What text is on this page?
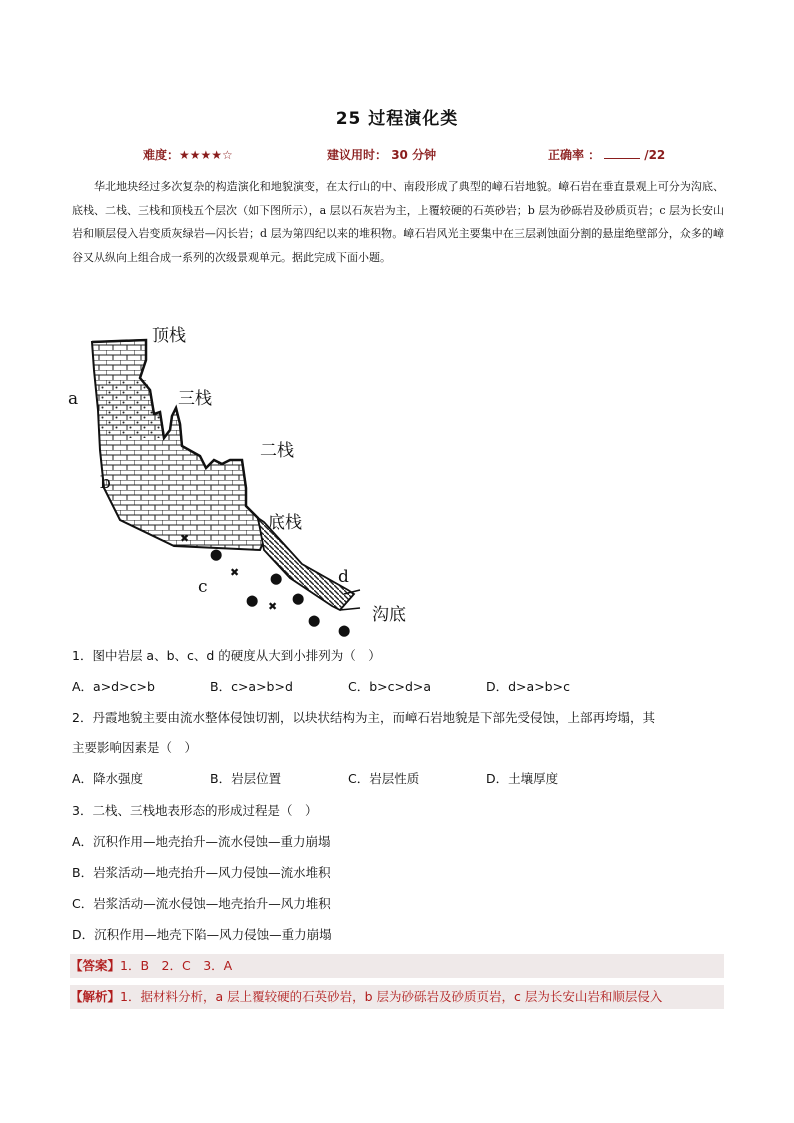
25 过程演化类
难度：★★★★☆	建议用时： 30 分钟	正确率 ：	/22
华北地块经过多次复杂的构造演化和地貌演变，在太行山的中、南段形成了典型的嶂石岩地貌。嶂石岩在垂直景观上可分为沟底、底栈、二栈、三栈和顶栈五个层次（如下图所示），a 层以石灰岩为主，上覆较硬的石英砂岩；b 层为砂砾岩及砂质页岩；c 层为长安山岩和顺层侵入岩变质灰绿岩—闪长岩；d 层为第四纪以来的堆积物。嶂石岩风光主要集中在三层剥蚀面分割的悬崖绝壁部分，众多的嶂谷又从纵向上组合成一系列的次级景观单元。据此完成下面小题。
✖
⬤
✖	⬤
✖
⬤	⬤
⬤
⬤
顶栈
三栈
二栈
底栈
沟底
a
b
c	d
1．图中岩层 a、b、c、d 的硬度从大到小排列为（　）
A．a>d>c>b	B．c>a>b>d	C．b>c>d>a	D．d>a>b>c
2．丹霞地貌主要由流水整体侵蚀切割，以块状结构为主，而嶂石岩地貌是下部先受侵蚀，上部再垮塌，其
主要影响因素是（　）
A．降水强度	B．岩层位置	C．岩层性质	D．土壤厚度
3．二栈、三栈地表形态的形成过程是（　）
A．沉积作用—地壳抬升—流水侵蚀—重力崩塌
B．岩浆活动—地壳抬升—风力侵蚀—流水堆积
C．岩浆活动—流水侵蚀—地壳抬升—风力堆积
D．沉积作用—地壳下陷—风力侵蚀—重力崩塌
【答案】1．B　2．C　3．A
【解析】1．据材料分析，a 层上覆较硬的石英砂岩，b 层为砂砾岩及砂质页岩，c 层为长安山岩和顺层侵入
